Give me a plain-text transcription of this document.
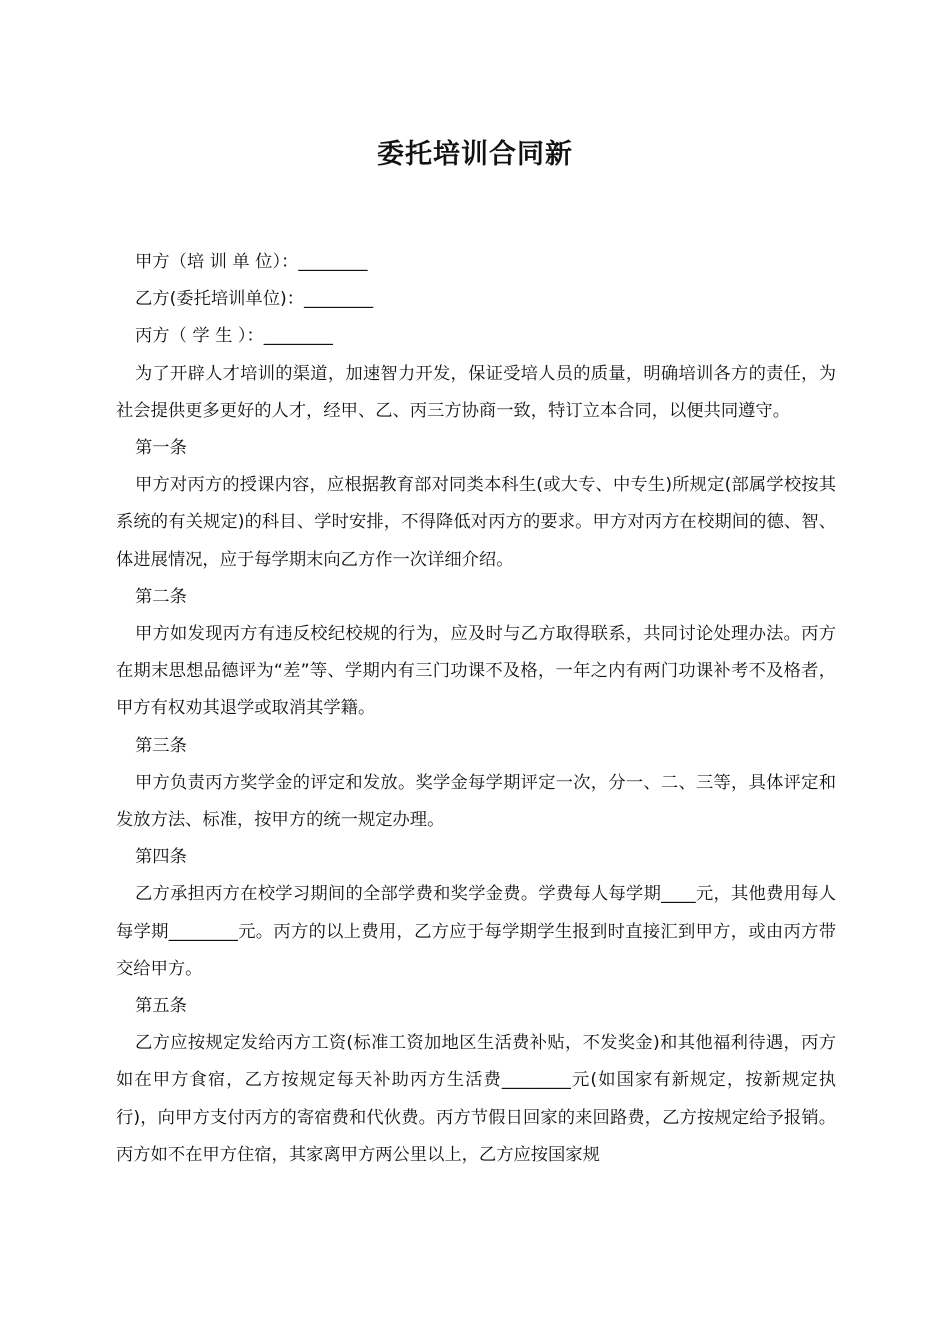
委托培训合同新

甲方（培 训 单 位）：________

乙方(委托培训单位)：________

丙方（ 学 生 ）：________

为了开辟人才培训的渠道，加速智力开发，保证受培人员的质量，明确培训各方的责任，为社会提供更多更好的人才，经甲、乙、丙三方协商一致，特订立本合同，以便共同遵守。

第一条

甲方对丙方的授课内容，应根据教育部对同类本科生(或大专、中专生)所规定(部属学校按其系统的有关规定)的科目、学时安排，不得降低对丙方的要求。甲方对丙方在校期间的德、智、体进展情况，应于每学期末向乙方作一次详细介绍。

第二条

甲方如发现丙方有违反校纪校规的行为，应及时与乙方取得联系，共同讨论处理办法。丙方在期末思想品德评为“差”等、学期内有三门功课不及格，一年之内有两门功课补考不及格者，甲方有权劝其退学或取消其学籍。

第三条

甲方负责丙方奖学金的评定和发放。奖学金每学期评定一次，分一、二、三等，具体评定和发放方法、标准，按甲方的统一规定办理。

第四条

乙方承担丙方在校学习期间的全部学费和奖学金费。学费每人每学期____元，其他费用每人每学期________元。丙方的以上费用，乙方应于每学期学生报到时直接汇到甲方，或由丙方带交给甲方。

第五条

乙方应按规定发给丙方工资(标准工资加地区生活费补贴，不发奖金)和其他福利待遇，丙方如在甲方食宿，乙方按规定每天补助丙方生活费________元(如国家有新规定，按新规定执行)，向甲方支付丙方的寄宿费和代伙费。丙方节假日回家的来回路费，乙方按规定给予报销。丙方如不在甲方住宿，其家离甲方两公里以上，乙方应按国家规
